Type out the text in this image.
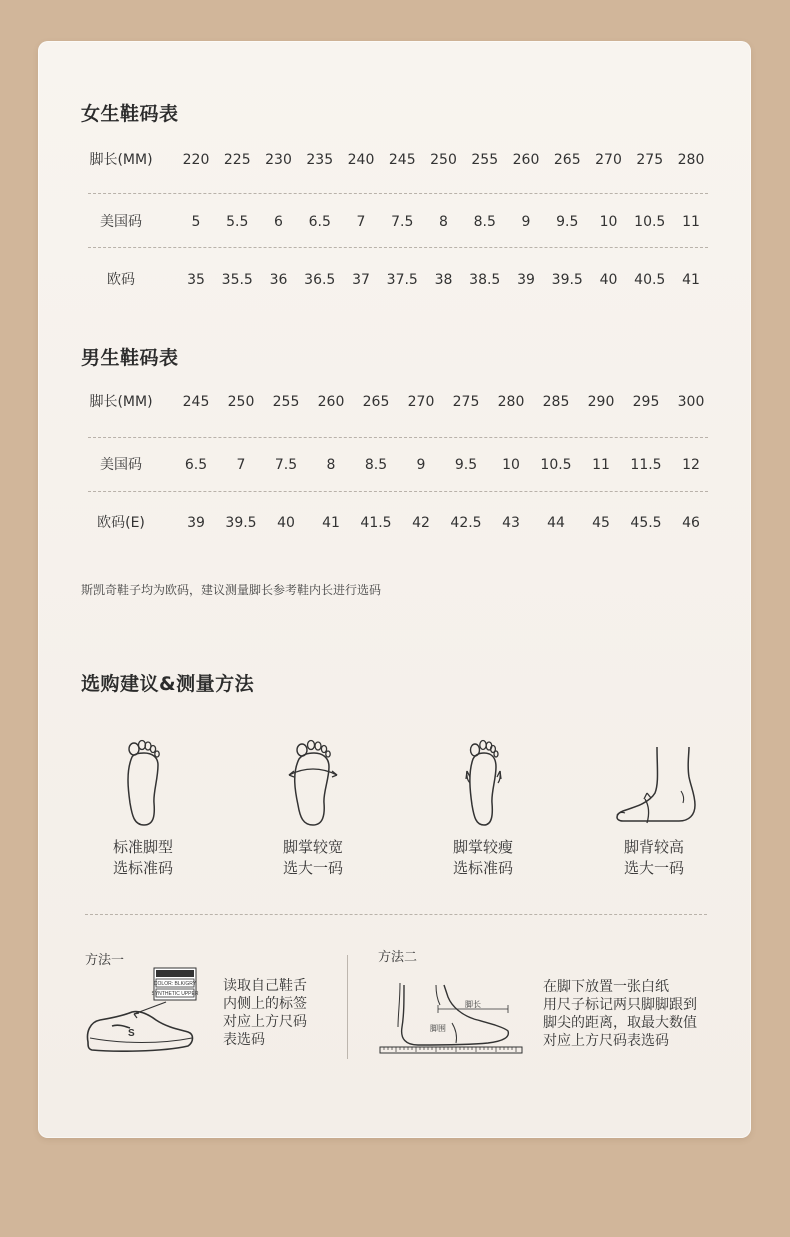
女生鞋码表
男生鞋码表
斯凯奇鞋子均为欧码，建议测量脚长参考鞋内长进行选码
选购建议&测量方法
标准脚型
选标准码
脚掌较宽
选大一码
脚掌较瘦
选标准码
脚背较高
选大一码
方法一
COLOR: BLK/GRY
SYNTHETIC UPPER
S
读取自己鞋舌
内侧上的标签
对应上方尺码
表选码
方法二
脚长
脚围
在脚下放置一张白纸
用尺子标记两只脚脚跟到
脚尖的距离，取最大数值
对应上方尺码表选码
脚长(MM)	220	225	230	235	240	245	250	255	260	265	270	275	280
美国码	5	5.5	6	6.5	7	7.5	8	8.5	9	9.5	10	10.5	11
欧码	35	35.5	36	36.5	37	37.5	38	38.5	39	39.5	40	40.5	41
脚长(MM)	245	250	255	260	265	270	275	280	285	290	295	300
美国码	6.5	7	7.5	8	8.5	9	9.5	10	10.5	11	11.5	12
欧码(E)	39	39.5	40	41	41.5	42	42.5	43	44	45	45.5	46
